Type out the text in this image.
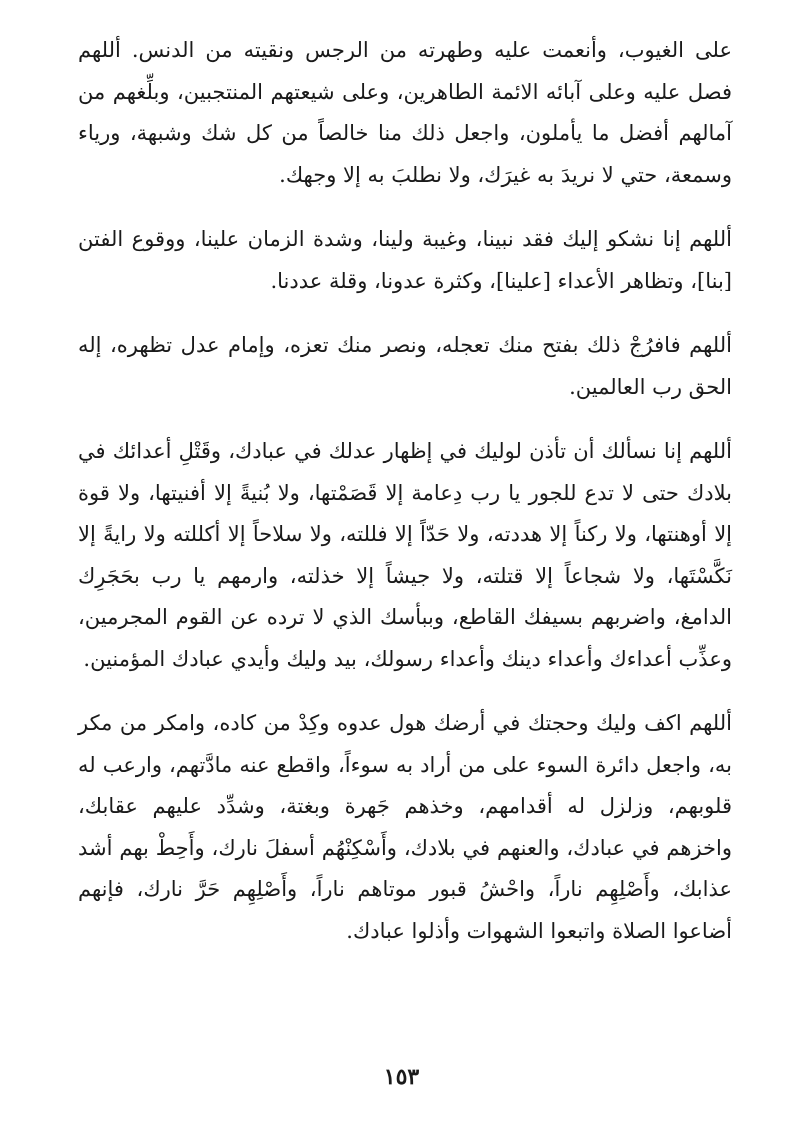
على الغيوب، وأنعمت عليه وطهرته من الرجس ونقيته من الدنس. أللهم فصل عليه وعلى آبائه الائمة الطاهرين، وعلى شيعتهم المنتجبين، وبلِّغهم من آمالهم أفضل ما يأملون، واجعل ذلك منا خالصاً من كل شك وشبهة، ورياء وسمعة، حتي لا نريدَ به غيرَك، ولا نطلبَ به إلا وجهك.

أللهم إنا نشكو إليك فقد نبينا، وغيبة ولينا، وشدة الزمان علينا، ووقوع الفتن [بنا]، وتظاهر الأعداء [علينا]، وكثرة عدونا، وقلة عددنا.

أللهم فافرُجْ ذلك بفتح منك تعجله، ونصر منك تعزه، وإمام عدل تظهره، إله الحق رب العالمين.

أللهم إنا نسألك أن تأذن لوليك في إظهار عدلك في عبادك، وقَتْلِ أعدائك في بلادك حتى لا تدع للجور يا رب دِعامة إلا قَصَمْتها، ولا بُنيةً إلا أفنيتها، ولا قوة إلا أوهنتها، ولا ركناً إلا هددته، ولا حَدّاً إلا فللته، ولا سلاحاً إلا أكللته ولا رايةً إلا نَكَّسْتَها، ولا شجاعاً إلا قتلته، ولا جيشاً إلا خذلته، وارمهم يا رب بحَجَرِك الدامغ، واضربهم بسيفك القاطع، وببأسك الذي لا ترده عن القوم المجرمين، وعذِّب أعداءك وأعداء دينك وأعداء رسولك، بيد وليك وأيدي عبادك المؤمنين.

أللهم اكف وليك وحجتك في أرضك هول عدوه وكِدْ من كاده، وامكر من مكر به، واجعل دائرة السوء على من أراد به سوءاً، واقطع عنه مادَّتهم، وارعب له قلوبهم، وزلزل له أقدامهم، وخذهم جَهرة وبغتة، وشدِّد عليهم عقابك، واخزهم في عبادك، والعنهم في بلادك، وأَسْكِنْهُم أسفلَ نارك، وأَحِطْ بهم أشد عذابك، وأَصْلِهِم ناراً، واحْشُ قبور موتاهم ناراً، وأَصْلِهِم حَرَّ نارك، فإنهم أضاعوا الصلاة واتبعوا الشهوات وأذلوا عبادك.

١٥٣
